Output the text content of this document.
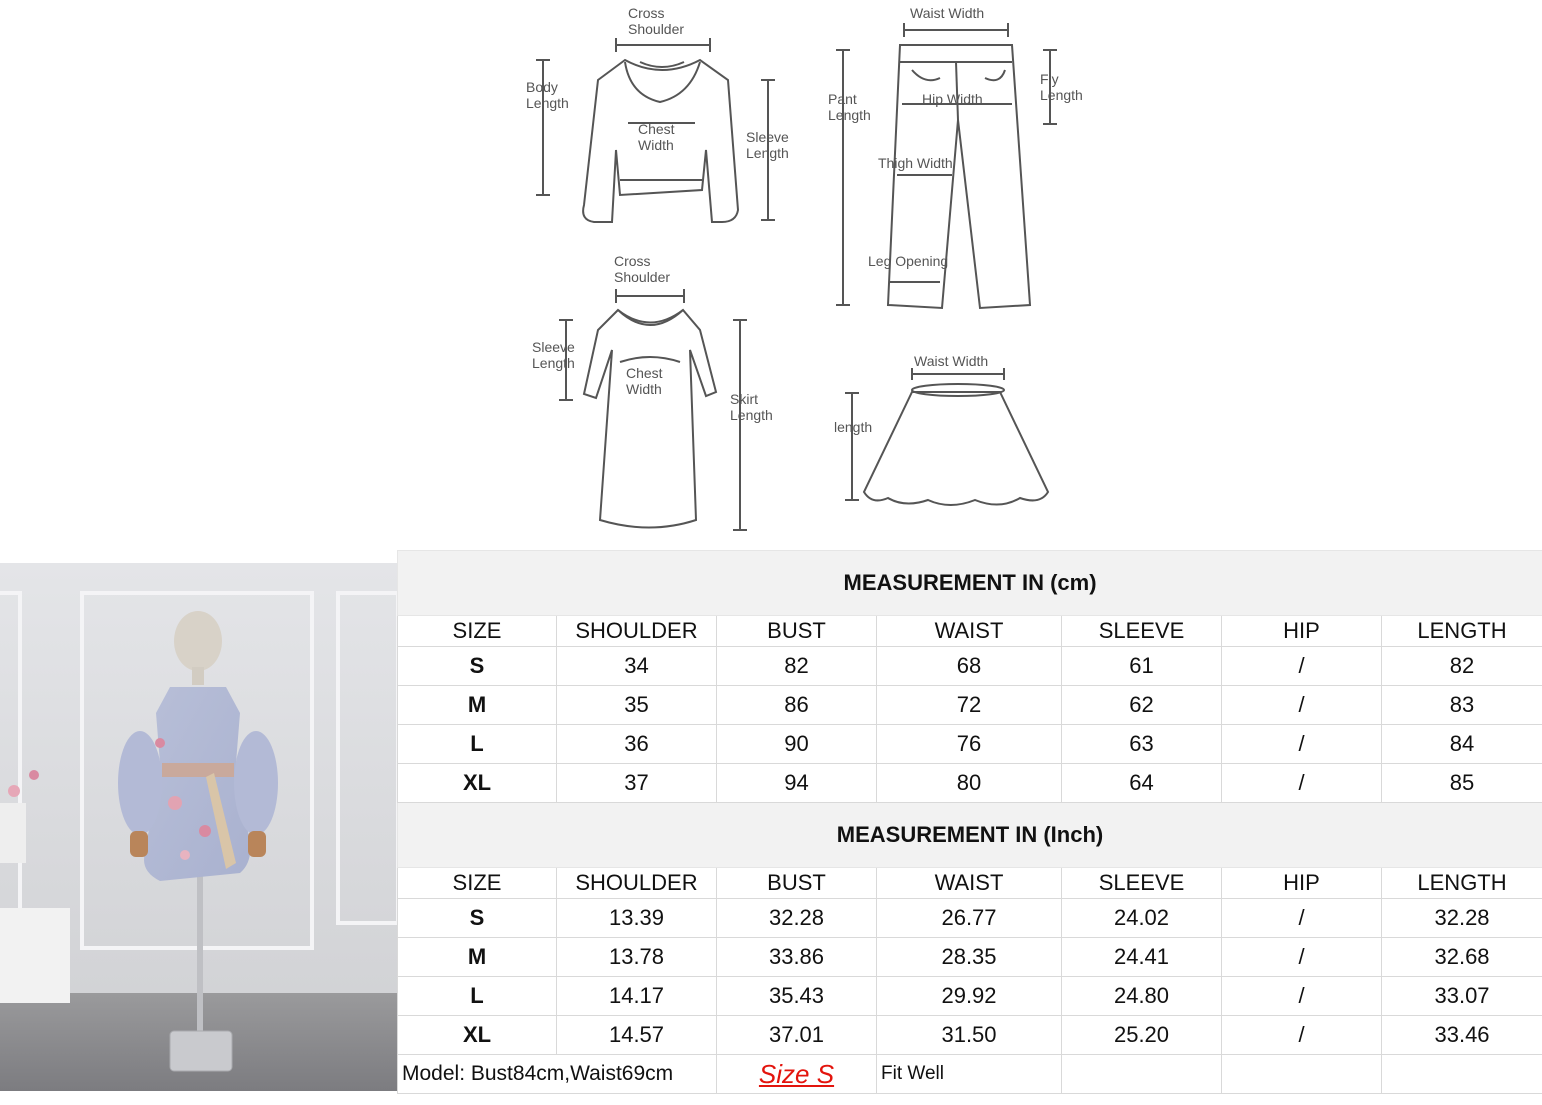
Cross
Shoulder
Body
Length
Chest
Width	Sleeve
Length
Waist Width
Fly
Length
Pant
Length
Hip Width
Thigh Width
Leg Opening
Cross
Shoulder
Sleeve
Length
Chest
Width
Skirt
Length
Waist Width
length
MEASUREMENT IN (cm)						
SIZE	SHOULDER	BUST	WAIST	SLEEVE	HIP	LENGTH
S	34	82	68	61	/	82
M	35	86	72	62	/	83
L	36	90	76	63	/	84
XL	37	94	80	64	/	85
MEASUREMENT IN (Inch)						
SIZE	SHOULDER	BUST	WAIST	SLEEVE	HIP	LENGTH
S	13.39	32.28	26.77	24.02	/	32.28
M	13.78	33.86	28.35	24.41	/	32.68
L	14.17	35.43	29.92	24.80	/	33.07
XL	14.57	37.01	31.50	25.20	/	33.46
Model: Bust84cm,Waist69cm		Size S	Fit Well			
